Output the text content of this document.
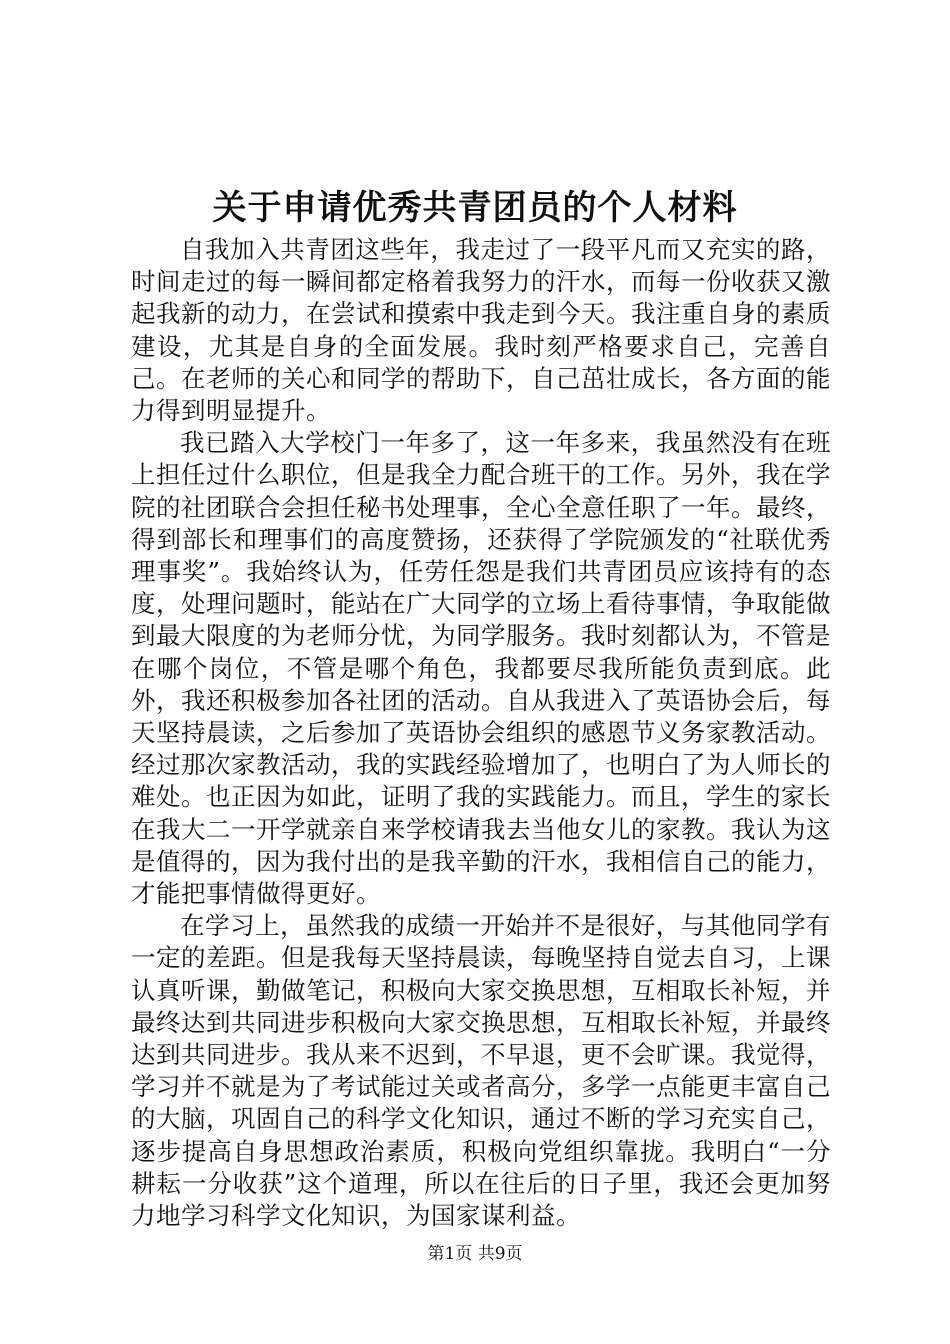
关于申请优秀共青团员的个人材料

自我加入共青团这些年，我走过了一段平凡而又充实的路，时间走过的每一瞬间都定格着我努力的汗水，而每一份收获又激起我新的动力，在尝试和摸索中我走到今天。我注重自身的素质建设，尤其是自身的全面发展。我时刻严格要求自己，完善自己。在老师的关心和同学的帮助下，自己茁壮成长，各方面的能力得到明显提升。

我已踏入大学校门一年多了，这一年多来，我虽然没有在班上担任过什么职位，但是我全力配合班干的工作。另外，我在学院的社团联合会担任秘书处理事，全心全意任职了一年。最终，得到部长和理事们的高度赞扬，还获得了学院颁发的“社联优秀理事奖”。我始终认为，任劳任怨是我们共青团员应该持有的态度，处理问题时，能站在广大同学的立场上看待事情，争取能做到最大限度的为老师分忧，为同学服务。我时刻都认为，不管是在哪个岗位，不管是哪个角色，我都要尽我所能负责到底。此外，我还积极参加各社团的活动。自从我进入了英语协会后，每天坚持晨读，之后参加了英语协会组织的感恩节义务家教活动。经过那次家教活动，我的实践经验增加了，也明白了为人师长的难处。也正因为如此，证明了我的实践能力。而且，学生的家长在我大二一开学就亲自来学校请我去当他女儿的家教。我认为这是值得的，因为我付出的是我辛勤的汗水，我相信自己的能力，才能把事情做得更好。

在学习上，虽然我的成绩一开始并不是很好，与其他同学有一定的差距。但是我每天坚持晨读，每晚坚持自觉去自习，上课认真听课，勤做笔记，积极向大家交换思想，互相取长补短，并最终达到共同进步积极向大家交换思想，互相取长补短，并最终达到共同进步。我从来不迟到，不早退，更不会旷课。我觉得，学习并不就是为了考试能过关或者高分，多学一点能更丰富自己的大脑，巩固自己的科学文化知识，通过不断的学习充实自己，逐步提高自身思想政治素质，积极向党组织靠拢。我明白“一分耕耘一分收获”这个道理，所以在往后的日子里，我还会更加努力地学习科学文化知识，为国家谋利益。

第1页 共9页
